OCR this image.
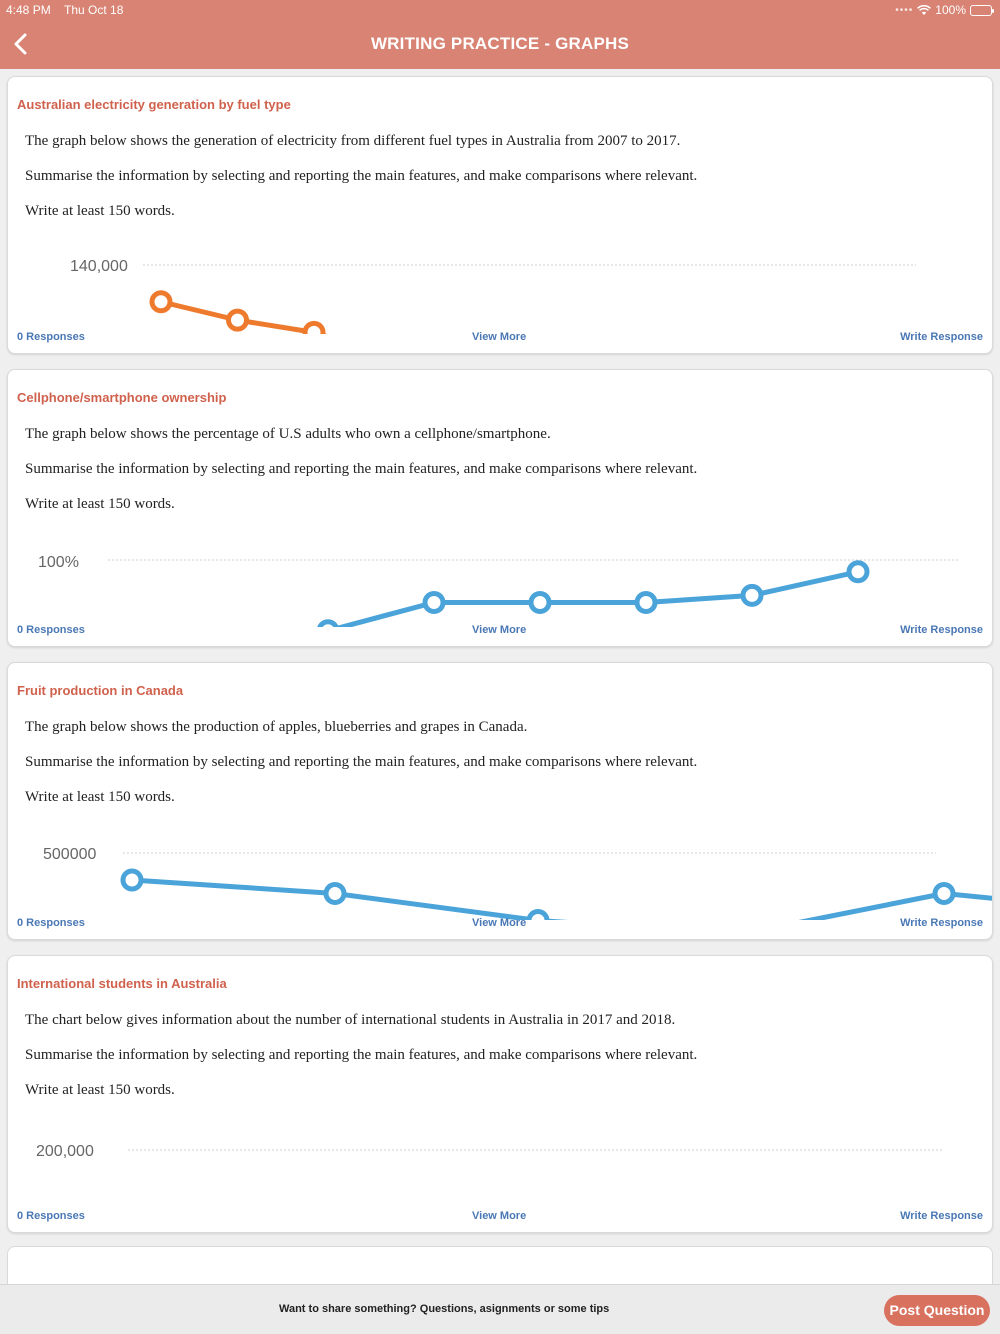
4:48 PM Thu Oct 18	•••• 100%
WRITING PRACTICE - GRAPHS
Australian electricity generation by fuel type
The graph below shows the generation of electricity from different fuel types in Australia from 2007 to 2017.
Summarise the information by selecting and reporting the main features, and make comparisons where relevant.
Write at least 150 words.
140,000
0 Responses	View More	Write Response
Cellphone/smartphone ownership
The graph below shows the percentage of U.S adults who own a cellphone/smartphone.
Summarise the information by selecting and reporting the main features, and make comparisons where relevant.
Write at least 150 words.
100%
0 Responses	View More	Write Response
Fruit production in Canada
The graph below shows the production of apples, blueberries and grapes in Canada.
Summarise the information by selecting and reporting the main features, and make comparisons where relevant.
Write at least 150 words.
500000
0 Responses	View More	Write Response
International students in Australia
The chart below gives information about the number of international students in Australia in 2017 and 2018.
Summarise the information by selecting and reporting the main features, and make comparisons where relevant.
Write at least 150 words.
200,000
0 Responses	View More	Write Response
Want to share something? Questions, asignments or some tips	Post Question
